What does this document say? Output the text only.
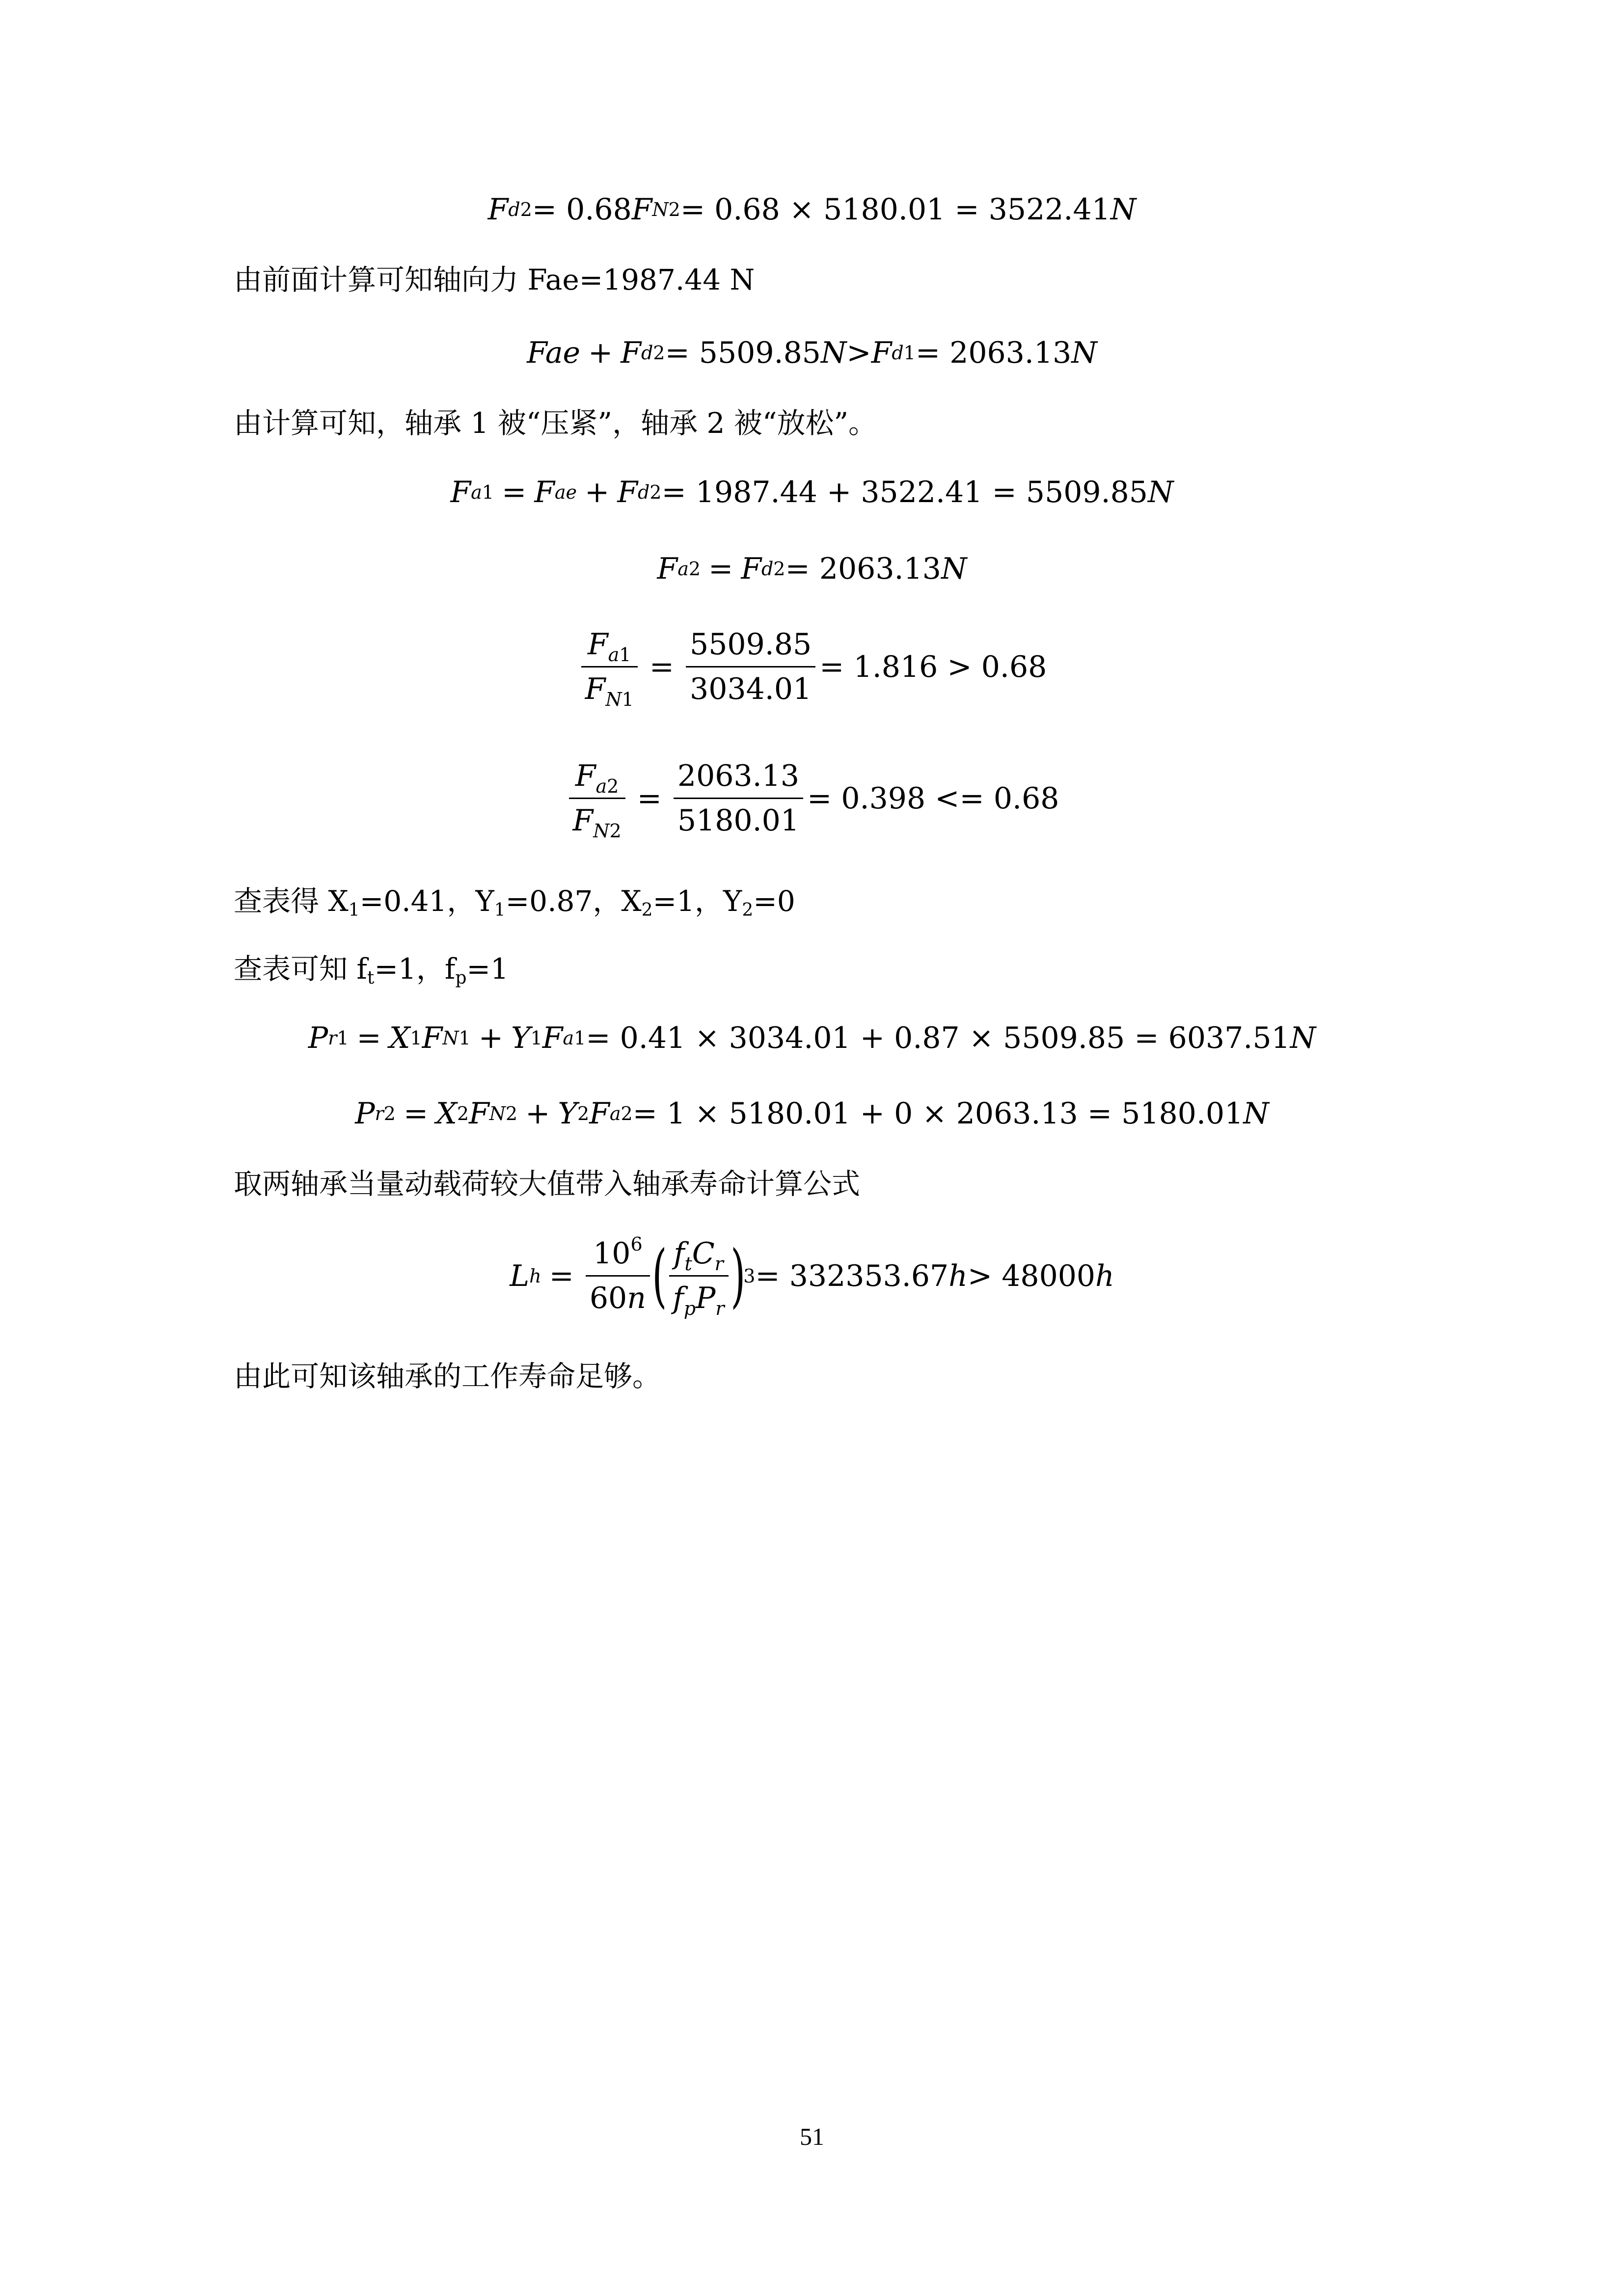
F d 2 = 0.68 F N 2 = 0.68 × 5180.01 = 3522.41 N
由前面计算可知轴向力 Fae=1987.44 N
Fae + F d 2 = 5509.85 N > F d 1 = 2063.13 N
由计算可知，轴承 1 被“压紧”，轴承 2 被“放松”。
F a 1 = F ae + F d 2 = 1987.44 + 3522.41 = 5509.85 N
F a 2 = F d 2 = 2063.13 N
$\frac{F_{a1}}{F_{N1}} = \frac{5509.85}{3034.01} = 1.816 > 0.68$
$\frac{F_{a2}}{F_{N2}} = \frac{2063.13}{5180.01} = 0.398 <= 0.68$
查表得 $X_1=0.41$，$Y_1=0.87$，$X_2=1$，$Y_2=0$
查表可知 $f_t=1$，$f_p=1$
P r 1 = X 1 F N 1 + Y 1 F a 1 = 0.41 × 3034.01 + 0.87 × 5509.85 = 6037.51 N
P r 2 = X 2 F N 2 + Y 2 F a 2 = 1 × 5180.01 + 0 × 2063.13 = 5180.01 N
取两轴承当量动载荷较大值带入轴承寿命计算公式
L $h = \frac{10^6}{60n}$ ( $\frac{f_tC_r}{f_pP_r}$ )
3 = 332353.67 h > 48000 h
由此可知该轴承的工作寿命足够。
51
